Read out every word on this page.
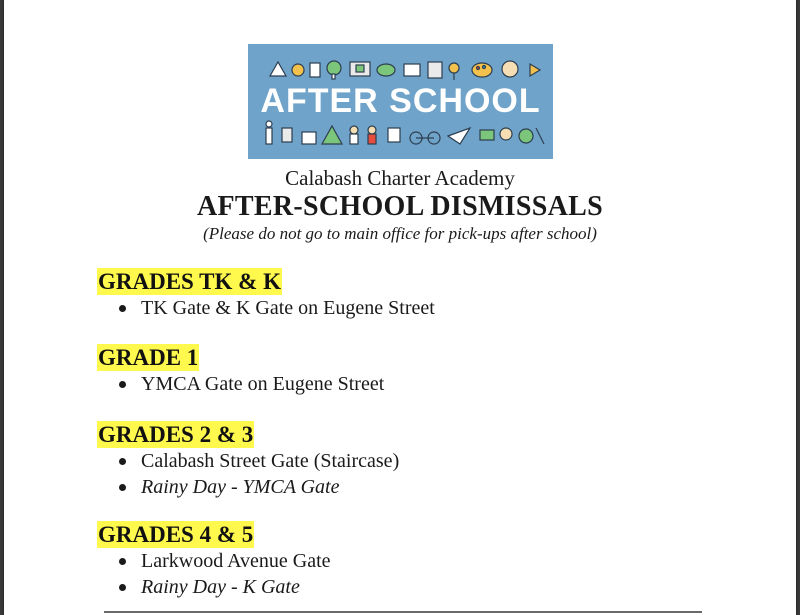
AFTER SCHOOL
Calabash Charter Academy
AFTER-SCHOOL DISMISSALS
(Please do not go to main office for pick-ups after school)
GRADES TK & K
TK Gate & K Gate on Eugene Street
GRADE 1
YMCA Gate on Eugene Street
GRADES 2 & 3
Calabash Street Gate (Staircase)
Rainy Day - YMCA Gate
GRADES 4 & 5
Larkwood Avenue Gate
Rainy Day - K Gate
